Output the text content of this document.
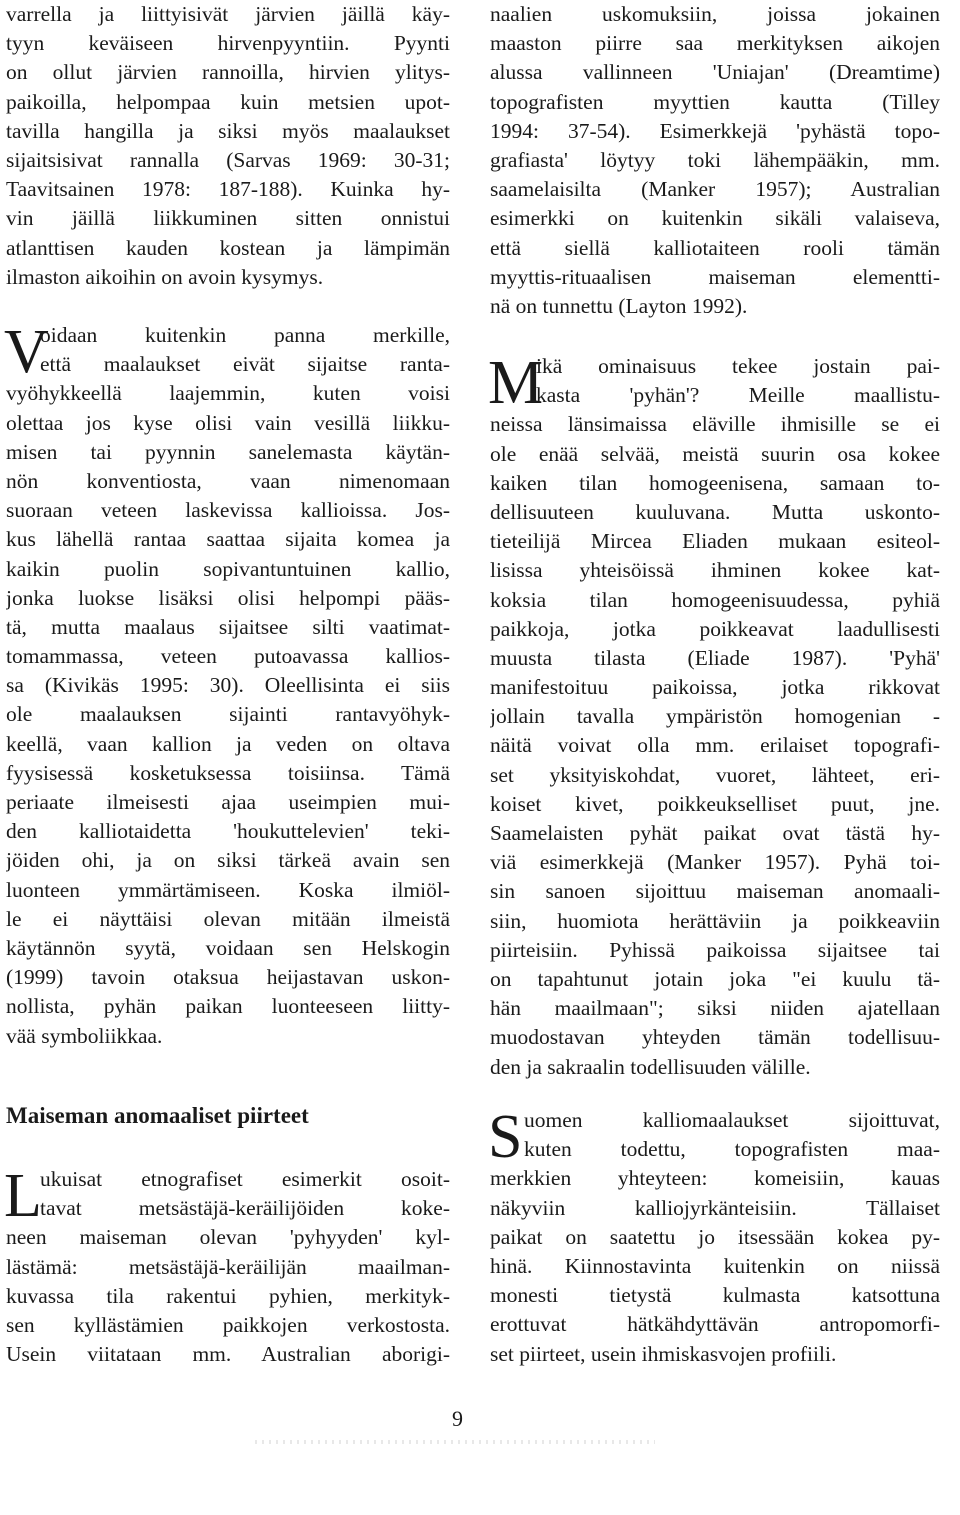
varrella ja liittyisivät järvien jäillä käy-
tyyn keväiseen hirvenpyyntiin. Pyynti
on ollut järvien rannoilla, hirvien ylitys-
paikoilla, helpompaa kuin metsien upot-
tavilla hangilla ja siksi myös maalaukset
sijaitsisivat rannalla (Sarvas 1969: 30-31;
Taavitsainen 1978: 187-188). Kuinka hy-
vin jäillä liikkuminen sitten onnistui
atlanttisen kauden kostean ja lämpimän
ilmaston aikoihin on avoin kysymys.
V
oidaan kuitenkin panna merkille,
että maalaukset eivät sijaitse ranta-
vyöhykkeellä laajemmin, kuten voisi
olettaa jos kyse olisi vain vesillä liikku-
misen tai pyynnin sanelemasta käytän-
nön konventiosta, vaan nimenomaan
suoraan veteen laskevissa kallioissa. Jos-
kus lähellä rantaa saattaa sijaita komea ja
kaikin puolin sopivantuntuinen kallio,
jonka luokse lisäksi olisi helpompi pääs-
tä, mutta maalaus sijaitsee silti vaatimat-
tomammassa, veteen putoavassa kallios-
sa (Kivikäs 1995: 30). Oleellisinta ei siis
ole maalauksen sijainti rantavyöhyk-
keellä, vaan kallion ja veden on oltava
fyysisessä kosketuksessa toisiinsa. Tämä
periaate ilmeisesti ajaa useimpien mui-
den kalliotaidetta 'houkuttelevien' teki-
jöiden ohi, ja on siksi tärkeä avain sen
luonteen ymmärtämiseen. Koska ilmiöl-
le ei näyttäisi olevan mitään ilmeistä
käytännön syytä, voidaan sen Helskogin
(1999) tavoin otaksua heijastavan uskon-
nollista, pyhän paikan luonteeseen liitty-
vää symboliikkaa.
Maiseman anomaaliset piirteet
L
ukuisat etnografiset esimerkit osoit-
tavat metsästäjä-keräilijöiden koke-
neen maiseman olevan 'pyhyyden' kyl-
lästämä: metsästäjä-keräilijän maailman-
kuvassa tila rakentui pyhien, merkityk-
sen kyllästämien paikkojen verkostosta.
Usein viitataan mm. Australian aborigi-
naalien uskomuksiin, joissa jokainen
maaston piirre saa merkityksen aikojen
alussa vallinneen 'Uniajan' (Dreamtime)
topografisten myyttien kautta (Tilley
1994: 37-54). Esimerkkejä 'pyhästä topo-
grafiasta' löytyy toki lähempääkin, mm.
saamelaisilta (Manker 1957); Australian
esimerkki on kuitenkin sikäli valaiseva,
että siellä kalliotaiteen rooli tämän
myyttis-rituaalisen maiseman elementti-
nä on tunnettu (Layton 1992).
M
ikä ominaisuus tekee jostain pai-
kasta 'pyhän'? Meille maallistu-
neissa länsimaissa eläville ihmisille se ei
ole enää selvää, meistä suurin osa kokee
kaiken tilan homogeenisena, samaan to-
dellisuuteen kuuluvana. Mutta uskonto-
tieteilijä Mircea Eliaden mukaan esiteol-
lisissa yhteisöissä ihminen kokee kat-
koksia tilan homogeenisuudessa, pyhiä
paikkoja, jotka poikkeavat laadullisesti
muusta tilasta (Eliade 1987). 'Pyhä'
manifestoituu paikoissa, jotka rikkovat
jollain tavalla ympäristön homogenian -
näitä voivat olla mm. erilaiset topografi-
set yksityiskohdat, vuoret, lähteet, eri-
koiset kivet, poikkeukselliset puut, jne.
Saamelaisten pyhät paikat ovat tästä hy-
viä esimerkkejä (Manker 1957). Pyhä toi-
sin sanoen sijoittuu maiseman anomaali-
siin, huomiota herättäviin ja poikkeaviin
piirteisiin. Pyhissä paikoissa sijaitsee tai
on tapahtunut jotain joka "ei kuulu tä-
hän maailmaan"; siksi niiden ajatellaan
muodostavan yhteyden tämän todellisuu-
den ja sakraalin todellisuuden välille.
S uomen kalliomaalaukset sijoittuvat,
kuten todettu, topografisten maa-
merkkien yhteyteen: komeisiin, kauas
näkyviin kalliojyrkänteisiin. Tällaiset
paikat on saatettu jo itsessään kokea py-
hinä. Kiinnostavinta kuitenkin on niissä
monesti tietystä kulmasta katsottuna
erottuvat hätkähdyttävän antropomorfi-
set piirteet, usein ihmiskasvojen profiili.
9
